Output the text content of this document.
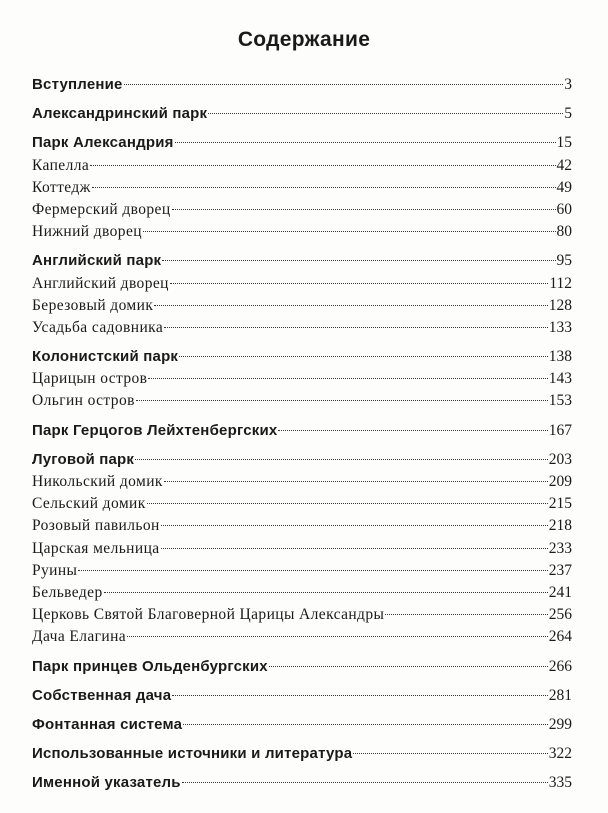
Содержание
Вступление	3
Александринский парк	5
Парк Александрия	15
Капелла	42
Коттедж	49
Фермерский дворец	60
Нижний дворец	80
Английский парк	95
Английский дворец	112
Березовый домик	128
Усадьба садовника	133
Колонистский парк	138
Царицын остров	143
Ольгин остров	153
Парк Герцогов Лейхтенбергских	167
Луговой парк	203
Никольский домик	209
Сельский домик	215
Розовый павильон	218
Царская мельница	233
Руины	237
Бельведер	241
Церковь Святой Благоверной Царицы Александры	256
Дача Елагина	264
Парк принцев Ольденбургских	266
Собственная дача	281
Фонтанная система	299
Использованные источники и литература	322
Именной указатель	335
